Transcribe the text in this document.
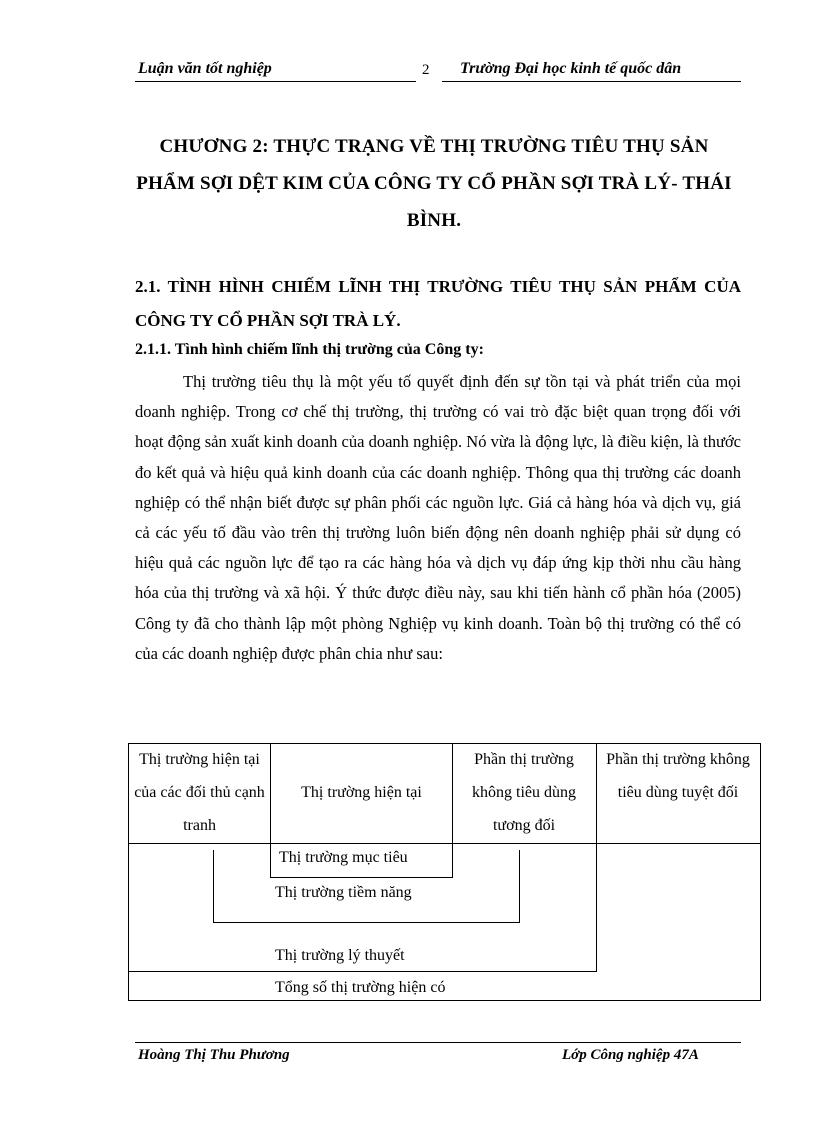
Luận văn tốt nghiệp	2 Trường Đại học kinh tế quốc dân
CHƯƠNG 2: THỰC TRẠNG VỀ THỊ TRƯỜNG TIÊU THỤ SẢN PHẨM SỢI DỆT KIM CỦA CÔNG TY CỔ PHẦN SỢI TRÀ LÝ- THÁI BÌNH.
2.1. TÌNH HÌNH CHIẾM LĨNH THỊ TRƯỜNG TIÊU THỤ SẢN PHẨM CỦA CÔNG TY CỔ PHẦN SỢI TRÀ LÝ.
2.1.1. Tình hình chiếm lĩnh thị trường của Công ty:

Thị trường tiêu thụ là một yếu tố quyết định đến sự tồn tại và phát triển của mọi doanh nghiệp. Trong cơ chế thị trường, thị trường có vai trò đặc biệt quan trọng đối với hoạt động sản xuất kinh doanh của doanh nghiệp. Nó vừa là động lực, là điều kiện, là thước đo kết quả và hiệu quả kinh doanh của các doanh nghiệp. Thông qua thị trường các doanh nghiệp có thể nhận biết được sự phân phối các nguồn lực. Giá cả hàng hóa và dịch vụ, giá cả các yếu tố đầu vào trên thị trường luôn biến động nên doanh nghiệp phải sử dụng có hiệu quả các nguồn lực để tạo ra các hàng hóa và dịch vụ đáp ứng kịp thời nhu cầu hàng hóa của thị trường và xã hội. Ý thức được điều này, sau khi tiến hành cổ phần hóa (2005) Công ty đã cho thành lập một phòng Nghiệp vụ kinh doanh. Toàn bộ thị trường có thể có của các doanh nghiệp được phân chia như sau:

Thị trường hiện tại của các đối thủ cạnh tranh
Thị trường hiện tại
Phần thị trường không tiêu dùng tương đối
Phần thị trường không tiêu dùng tuyệt đối
Thị trường mục tiêu
Thị trường tiềm năng
Thị trường lý thuyết
Tổng số thị trường hiện có
Hoàng Thị Thu Phương	Lớp Công nghiệp 47A
